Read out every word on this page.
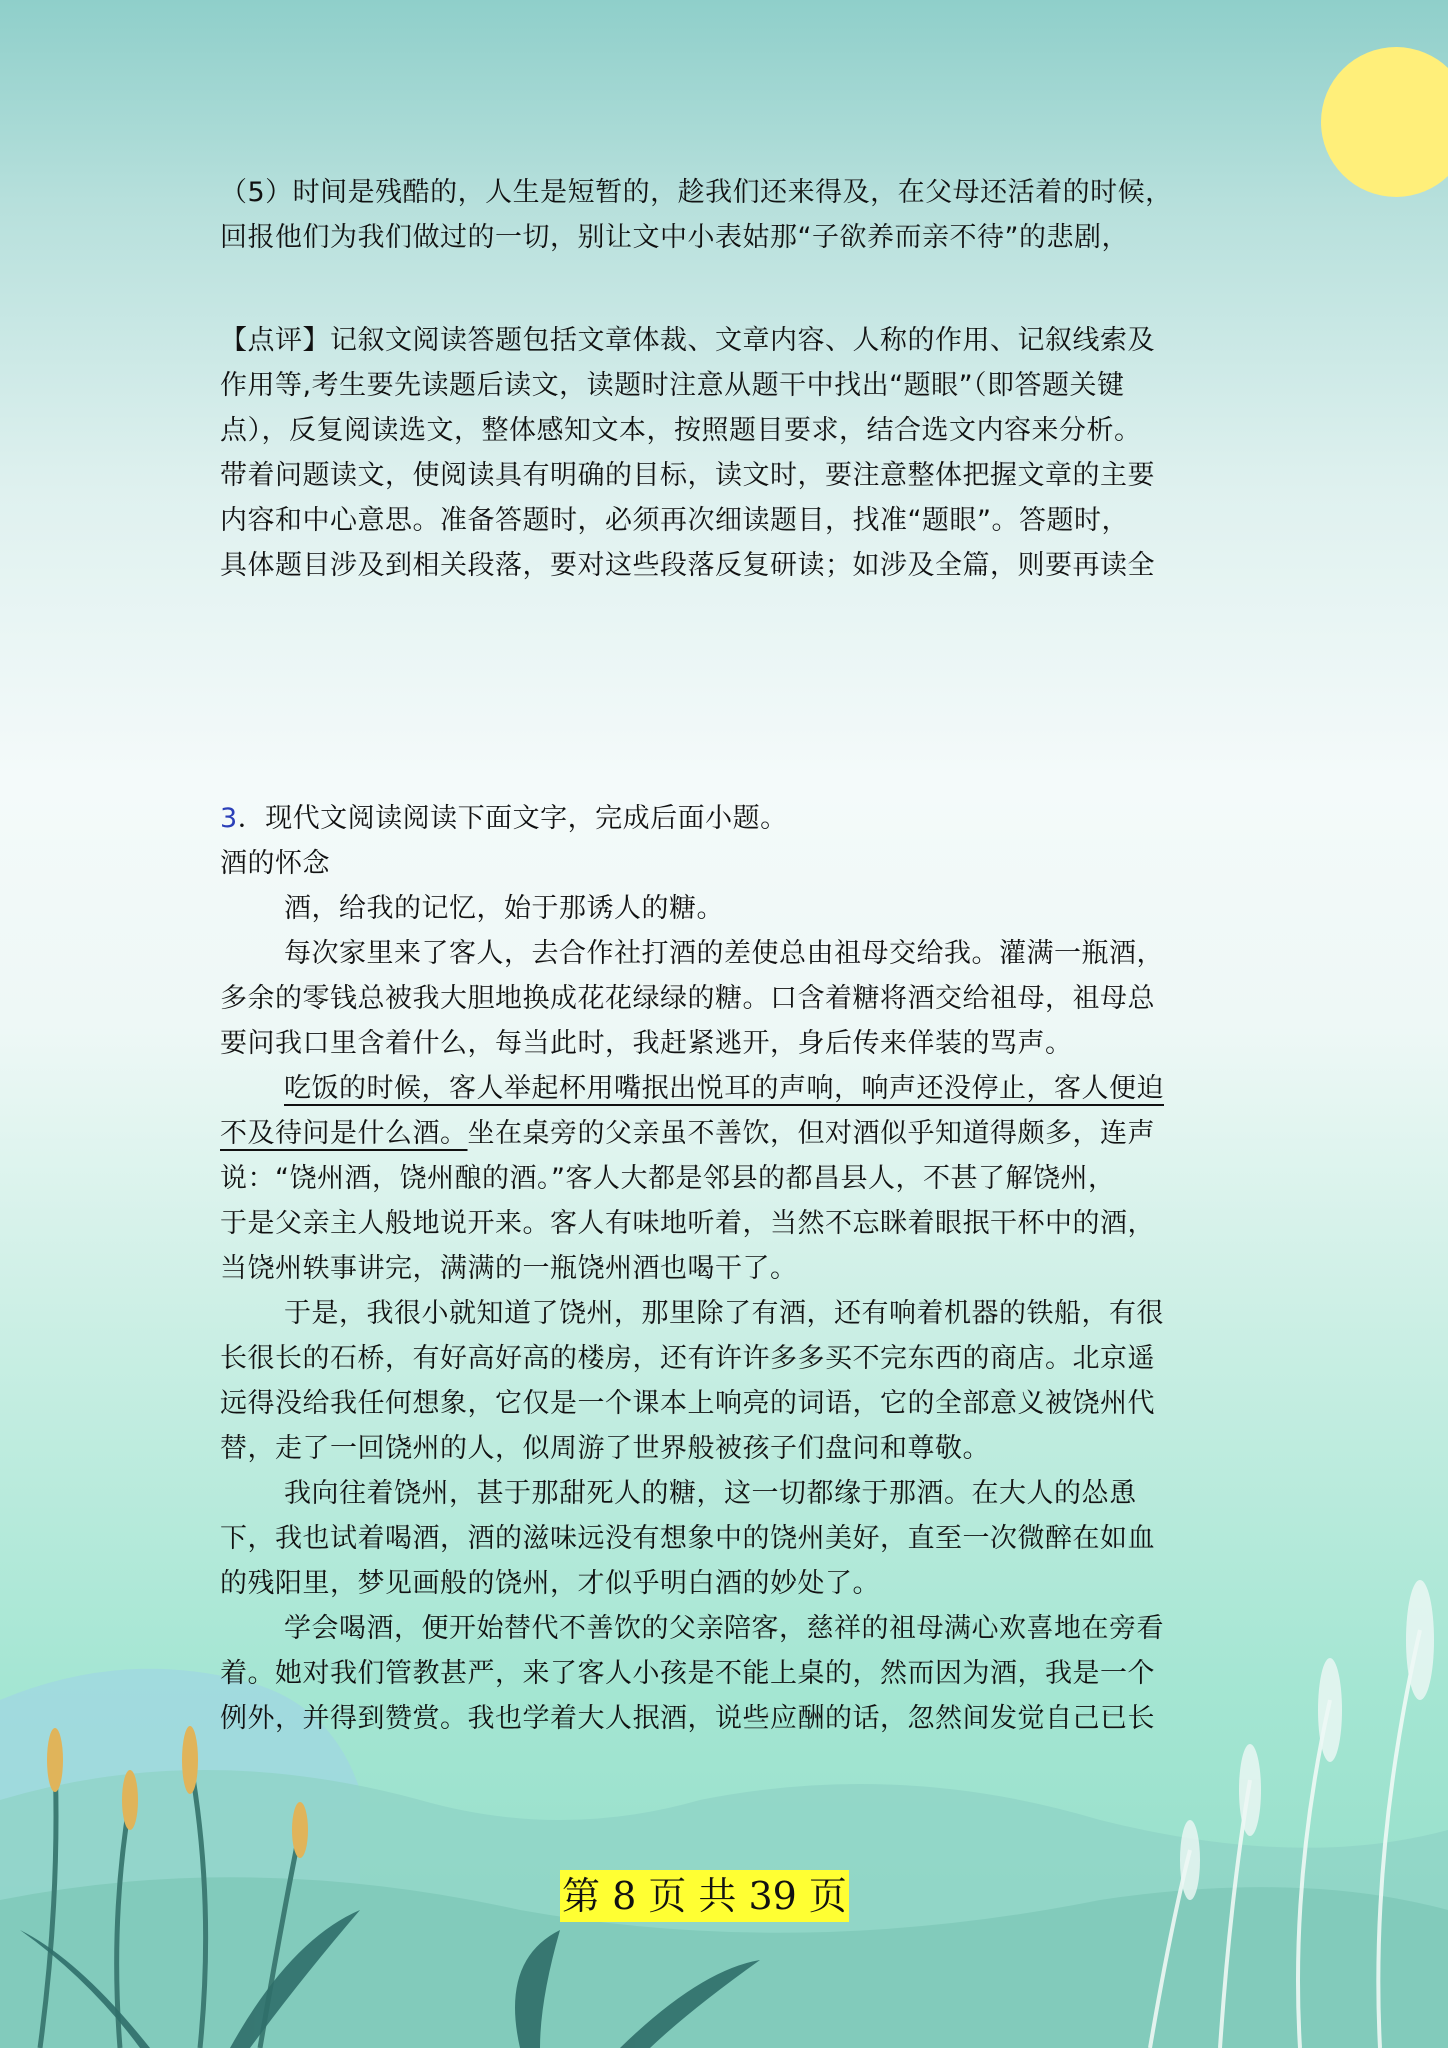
（5）时间是残酷的，人生是短暂的，趁我们还来得及，在父母还活着的时候，
回报他们为我们做过的一切，别让文中小表姑那“子欲养而亲不待”的悲剧，
【点评】记叙文阅读答题包括文章体裁、文章内容、人称的作用、记叙线索及
作用等,考生要先读题后读文，读题时注意从题干中找出“题眼”（即答题关键
点），反复阅读选文，整体感知文本，按照题目要求，结合选文内容来分析。
带着问题读文，使阅读具有明确的目标，读文时，要注意整体把握文章的主要
内容和中心意思。准备答题时，必须再次细读题目，找准“题眼”。答题时，
具体题目涉及到相关段落，要对这些段落反复研读；如涉及全篇，则要再读全
3．现代文阅读阅读下面文字，完成后面小题。
酒的怀念
酒，给我的记忆，始于那诱人的糖。
每次家里来了客人，去合作社打酒的差使总由祖母交给我。灌满一瓶酒，
多余的零钱总被我大胆地换成花花绿绿的糖。口含着糖将酒交给祖母，祖母总
要问我口里含着什么，每当此时，我赶紧逃开，身后传来佯装的骂声。
吃饭的时候，客人举起杯用嘴抿出悦耳的声响，响声还没停止，客人便迫
不及待问是什么酒。坐在桌旁的父亲虽不善饮，但对酒似乎知道得颇多，连声
说：“饶州酒，饶州酿的酒。”客人大都是邻县的都昌县人，不甚了解饶州，
于是父亲主人般地说开来。客人有味地听着，当然不忘眯着眼抿干杯中的酒，
当饶州轶事讲完，满满的一瓶饶州酒也喝干了。
于是，我很小就知道了饶州，那里除了有酒，还有响着机器的铁船，有很
长很长的石桥，有好高好高的楼房，还有许许多多买不完东西的商店。北京遥
远得没给我任何想象，它仅是一个课本上响亮的词语，它的全部意义被饶州代
替，走了一回饶州的人，似周游了世界般被孩子们盘问和尊敬。
我向往着饶州，甚于那甜死人的糖，这一切都缘于那酒。在大人的怂恿
下，我也试着喝酒，酒的滋味远没有想象中的饶州美好，直至一次微醉在如血
的残阳里，梦见画般的饶州，才似乎明白酒的妙处了。
学会喝酒，便开始替代不善饮的父亲陪客，慈祥的祖母满心欢喜地在旁看
着。她对我们管教甚严，来了客人小孩是不能上桌的，然而因为酒，我是一个
例外，并得到赞赏。我也学着大人抿酒，说些应酬的话，忽然间发觉自己已长
第 8 页 共 39 页
